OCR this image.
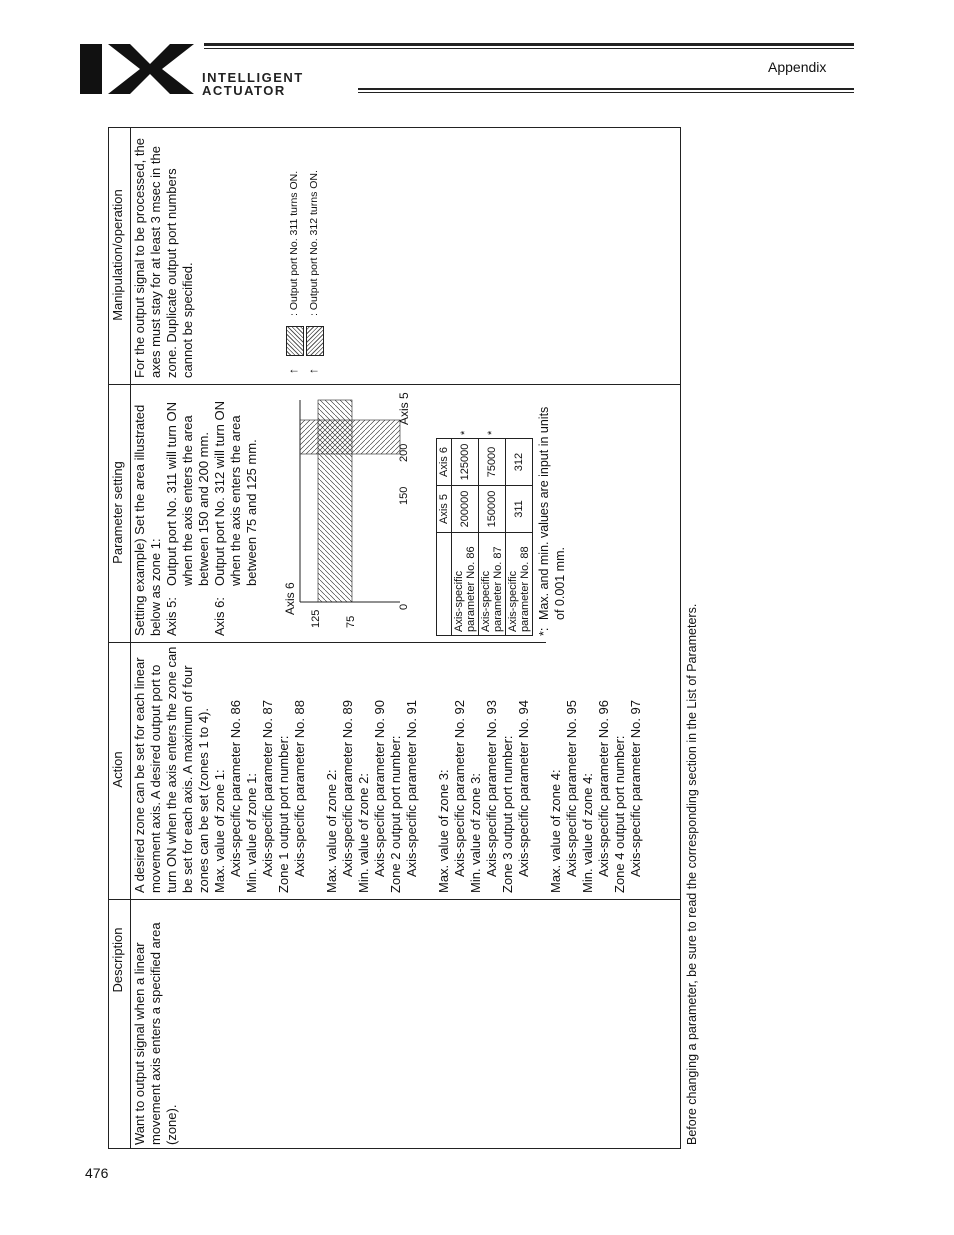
INTELLIGENT
ACTUATOR
Appendix
Description
Action
Parameter setting
Manipulation/operation
Want to output signal when a linear movement axis enters a specified area (zone).
A desired zone can be set for each linear movement axis. A desired output port to turn ON when the axis enters the zone can be set for each axis. A maximum of four zones can be set (zones 1 to 4). Max. value of zone 1: Axis-specific parameter No. 86 Min. value of zone 1: Axis-specific parameter No. 87 Zone 1 output port number: Axis-specific parameter No. 88 Max. value of zone 2: Axis-specific parameter No. 89 Min. value of zone 2: Axis-specific parameter No. 90 Zone 2 output port number: Axis-specific parameter No. 91 Max. value of zone 3: Axis-specific parameter No. 92 Min. value of zone 3: Axis-specific parameter No. 93 Zone 3 output port number: Axis-specific parameter No. 94 Max. value of zone 4: Axis-specific parameter No. 95 Min. value of zone 4: Axis-specific parameter No. 96 Zone 4 output port number: Axis-specific parameter No. 97
Setting example) Set the area illustrated below as zone 1: Axis 5:
Output port No. 311 will turn ON when the axis enters the area between 150 and 200 mm.
Axis 6:
Output port No. 312 will turn ON when the axis enters the area between 75 and 125 mm.
Axis 6
Axis 5
125 75
0
150
200
	Axis 5	Axis 6	

Axis-specific parameter No. 86	200000	125000	*

Axis-specific parameter No. 87	150000	75000	*

Axis-specific parameter No. 88	311	312	
*:
Max. and min. values are input in units of 0.001 mm.
For the output signal to be processed, the axes must stay for at least 3 msec in the zone. Duplicate output port numbers cannot be specified.	←
: Output port No. 311 turns ON.
←
: Output port No. 312 turns ON.
Before changing a parameter, be sure to read the corresponding section in the List of Parameters.
476
